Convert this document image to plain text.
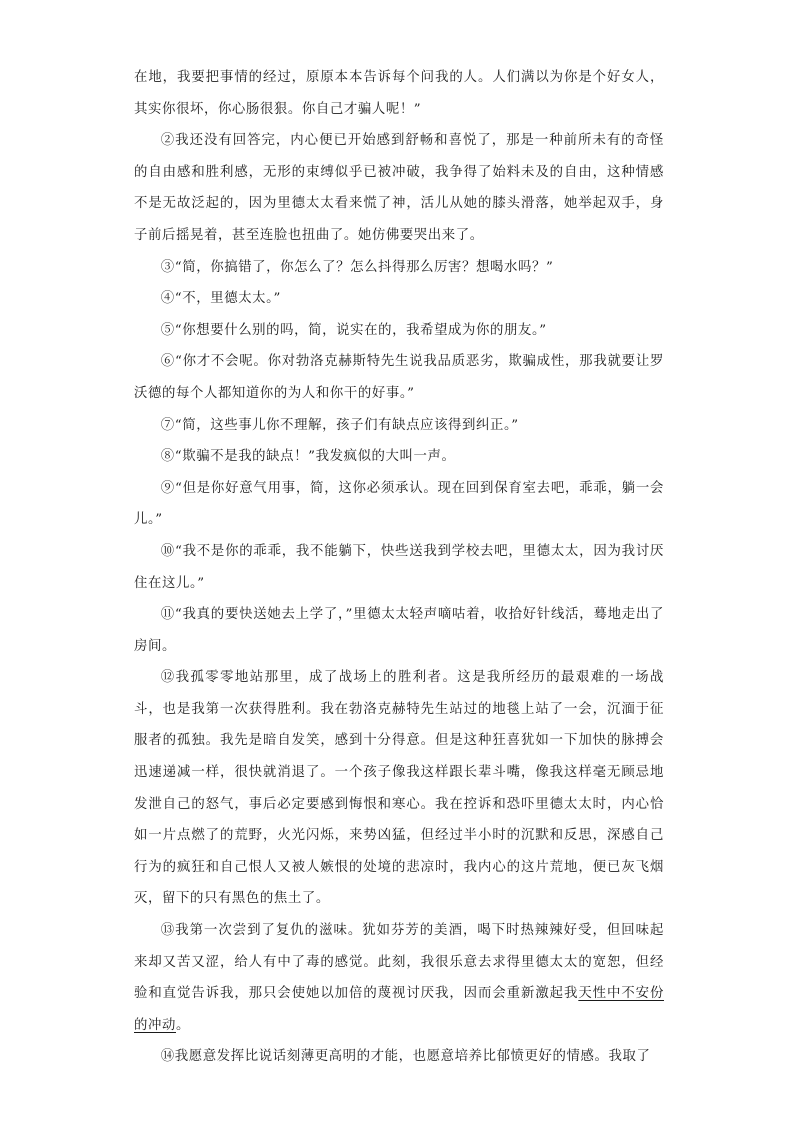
在地，我要把事情的经过，原原本本告诉每个问我的人。人们满以为你是个好女人，其实你很坏，你心肠很狠。你自己才骗人呢！”

②我还没有回答完，内心便已开始感到舒畅和喜悦了，那是一种前所未有的奇怪的自由感和胜利感，无形的束缚似乎已被冲破，我争得了始料未及的自由，这种情感不是无故泛起的，因为里德太太看来慌了神，活儿从她的膝头滑落，她举起双手，身子前后摇晃着，甚至连脸也扭曲了。她仿佛要哭出来了。

③“简，你搞错了，你怎么了？怎么抖得那么厉害？想喝水吗？”

④“不，里德太太。”

⑤“你想要什么别的吗，简，说实在的，我希望成为你的朋友。”

⑥“你才不会呢。你对勃洛克赫斯特先生说我品质恶劣，欺骗成性，那我就要让罗沃德的每个人都知道你的为人和你干的好事。”

⑦“简，这些事儿你不理解，孩子们有缺点应该得到纠正。”

⑧“欺骗不是我的缺点！”我发疯似的大叫一声。

⑨“但是你好意气用事，简，这你必须承认。现在回到保育室去吧，乖乖，躺一会儿。”

⑩“我不是你的乖乖，我不能躺下，快些送我到学校去吧，里德太太，因为我讨厌住在这儿。”

⑪“我真的要快送她去上学了，”里德太太轻声嘀咕着，收拾好针线活，蓦地走出了房间。

⑫我孤零零地站那里，成了战场上的胜利者。这是我所经历的最艰难的一场战斗，也是我第一次获得胜利。我在勃洛克赫特先生站过的地毯上站了一会，沉湎于征服者的孤独。我先是暗自发笑，感到十分得意。但是这种狂喜犹如一下加快的脉搏会迅速递减一样，很快就消退了。一个孩子像我这样跟长辈斗嘴，像我这样毫无顾忌地发泄自己的怒气，事后必定要感到悔恨和寒心。我在控诉和恐吓里德太太时，内心恰如一片点燃了的荒野，火光闪烁，来势凶猛，但经过半小时的沉默和反思，深感自己行为的疯狂和自己恨人又被人嫉恨的处境的悲凉时，我内心的这片荒地，便已灰飞烟灭，留下的只有黑色的焦土了。

⑬我第一次尝到了复仇的滋味。犹如芬芳的美酒，喝下时热辣辣好受，但回味起来却又苦又涩，给人有中了毒的感觉。此刻，我很乐意去求得里德太太的宽恕，但经验和直觉告诉我，那只会使她以加倍的蔑视讨厌我，因而会重新激起我天性中不安份的冲动。

⑭我愿意发挥比说话刻薄更高明的才能，也愿意培养比郁愤更好的情感。我取了
